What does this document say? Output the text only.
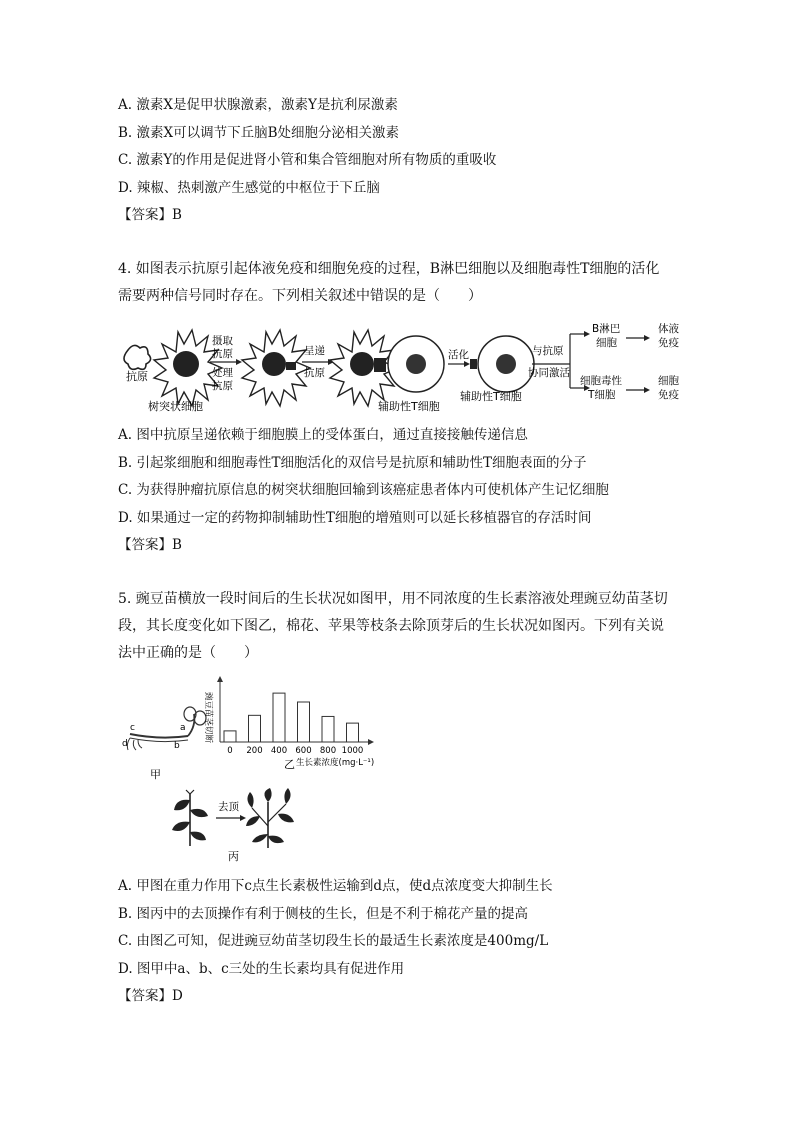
A. 激素X是促甲状腺激素，激素Y是抗利尿激素
B. 激素X可以调节下丘脑B处细胞分泌相关激素
C. 激素Y的作用是促进肾小管和集合管细胞对所有物质的重吸收
D. 辣椒、热刺激产生感觉的中枢位于下丘脑
【答案】B
4. 如图表示抗原引起体液免疫和细胞免疫的过程，B淋巴细胞以及细胞毒性T细胞的活化
需要两种信号同时存在。下列相关叙述中错误的是（　　）
抗原
树突状细胞
摄取
抗原
处理
抗原
呈递
抗原
辅助性T细胞
活化
辅助性T细胞
与抗原
协同激活
B淋巴
细胞
体液
免疫
细胞毒性
T细胞
细胞
免疫
A. 图中抗原呈递依赖于细胞膜上的受体蛋白，通过直接接触传递信息
B. 引起浆细胞和细胞毒性T细胞活化的双信号是抗原和辅助性T细胞表面的分子
C. 为获得肿瘤抗原信息的树突状细胞回输到该癌症患者体内可使机体产生记忆细胞
D. 如果通过一定的药物抑制辅助性T细胞的增殖则可以延长移植器官的存活时间
【答案】B
5. 豌豆苗横放一段时间后的生长状况如图甲，用不同浓度的生长素溶液处理豌豆幼苗茎切
段，其长度变化如下图乙，棉花、苹果等枝条去除顶芽后的生长状况如图丙。下列有关说
法中正确的是（　　）
c
d
a
b
甲
豌豆苗茎切断
0 200 400 600 800 1000
乙 生长素浓度(mg·L⁻¹)
去顶
丙
A. 甲图在重力作用下c点生长素极性运输到d点，使d点浓度变大抑制生长
B. 图丙中的去顶操作有利于侧枝的生长，但是不利于棉花产量的提高
C. 由图乙可知，促进豌豆幼苗茎切段生长的最适生长素浓度是400mg/L
D. 图甲中a、b、c三处的生长素均具有促进作用
【答案】D
